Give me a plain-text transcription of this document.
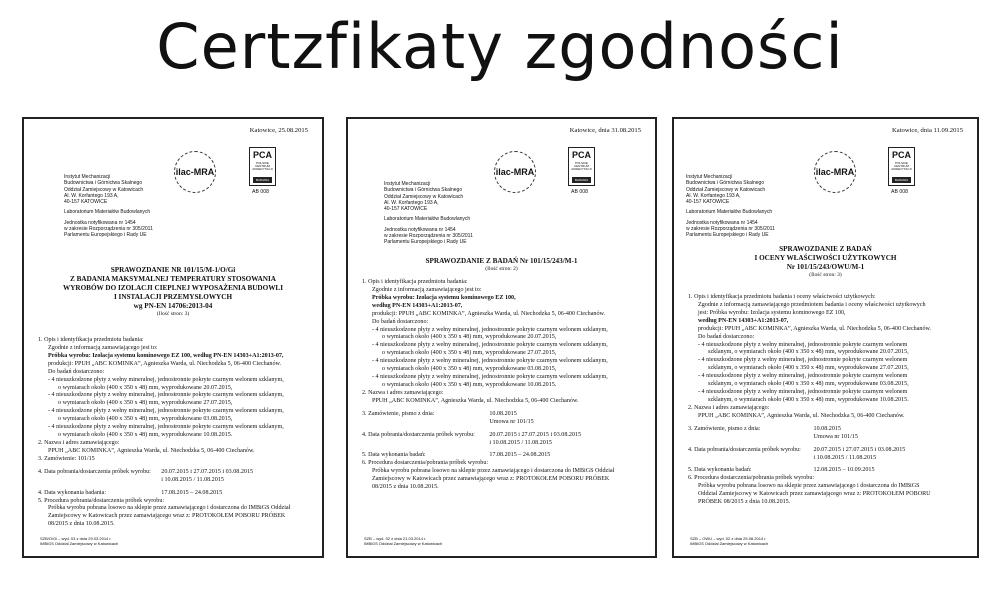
Certzfikaty zgodności
Katowice, 25.08.2015
ilac-MRA
PCA
POLSKIE CENTRUM AKREDYTACJI
BADANIA
AB 008

Instytut Mechanizacji

Budownictwa i Górnictwa Skalnego

Oddział Zamiejscowy w Katowicach

Al. W. Korfantego 193 A,

40-157 KATOWICE

Laboratorium Materiałów Budowlanych

Jednostka notyfikowana nr 1454

w zakresie Rozporządzenia nr 305/2011

Parlamentu Europejskiego i Rady UE

SPRAWOZDANIE NR 101/15/M-1/O/Gi
Z BADANIA MAKSYMALNEJ TEMPERATURY STOSOWANIA
WYROBÓW DO IZOLACJI CIEPLNEJ WYPOSAŻENIA BUDOWLI
I INSTALACJI PRZEMYSŁOWYCH
wg PN-EN 14706:2013-04
(Ilość stron: 3)

1. Opis i identyfikacja przedmiotu badania:

Zgodnie z informacją zamawiającego jest to:

Próbka wyrobu: Izolacja systemu kominowego EZ 100, według PN-EN 14303+A1:2013-07,

produkcji: PPUH „ABC KOMINKA”, Agnieszka Warda, ul. Niechodzka 5, 06-400 Ciechanów.

Do badań dostarczono:

- 4 nieuszkodzone płyty z wełny mineralnej, jednostronnie pokryte czarnym welonem szklanym,

o wymiarach około (400 x 350 x 48) mm, wyprodukowane 20.07.2015,

- 4 nieuszkodzone płyty z wełny mineralnej, jednostronnie pokryte czarnym welonem szklanym,

o wymiarach około (400 x 350 x 48) mm, wyprodukowane 27.07.2015,

- 4 nieuszkodzone płyty z wełny mineralnej, jednostronnie pokryte czarnym welonem szklanym,

o wymiarach około (400 x 350 x 48) mm, wyprodukowane 03.08.2015,

- 4 nieuszkodzone płyty z wełny mineralnej, jednostronnie pokryte czarnym welonem szklanym,

o wymiarach około (400 x 350 x 48) mm, wyprodukowane 10.08.2015.

2. Nazwa i adres zamawiającego:

PPUH „ABC KOMINKA”, Agnieszka Warda, ul. Niechodzka 5, 06-400 Ciechanów.

3. Zamówienie: 101/15

4. Data pobrania/dostarczenia próbek wyrobu:	20.07.2015 i 27.07.2015 i 03.08.2015
i 10.08.2015 / 11.08.2015
4. Data wykonania badania:	17.08.2015 – 24.08.2015

5. Procedura pobrania/dostarczenia próbek wyrobu:

Próbka wyrobu pobrana losowo na sklepie przez zamawiającego i dostarczona do IMBiGS Oddział

Zamiejscowy w Katowicach przez zamawiającego wraz z: PROTOKOŁEM POBORU PRÓBEK

08/2015 z dnia 10.08.2015.

SZB/O/Gi – wyd. 03 z dnia 29.03.2014 r.

IMBiGS Oddział Zamiejscowy w Katowicach

Katowice, dnia 31.08.2015
ilac-MRA
PCA
POLSKIE CENTRUM AKREDYTACJI
BADANIA
AB 008

Instytut Mechanizacji

Budownictwa i Górnictwa Skalnego

Oddział Zamiejscowy w Katowicach

Al. W. Korfantego 193 A,

40-157 KATOWICE

Laboratorium Materiałów Budowlanych

Jednostka notyfikowana nr 1454

w zakresie Rozporządzenia nr 305/2011

Parlamentu Europejskiego i Rady UE

SPRAWOZDANIE Z BADAŃ Nr 101/15/243/M-1
(Ilość stron: 2)

1. Opis i identyfikacja przedmiotu badania:

Zgodnie z informacją zamawiającego jest to:

Próbka wyrobu: Izolacja systemu kominowego EZ 100,

według PN-EN 14303+A1:2013-07,

produkcji: PPUH „ABC KOMINKA”, Agnieszka Warda, ul. Niechodzka 5, 06-400 Ciechanów.

Do badań dostarczono:

- 4 nieuszkodzone płyty z wełny mineralnej, jednostronnie pokryte czarnym welonem szklanym,

o wymiarach około (400 x 350 x 48) mm, wyprodukowane 20.07.2015,

- 4 nieuszkodzone płyty z wełny mineralnej, jednostronnie pokryte czarnym welonem szklanym,

o wymiarach około (400 x 350 x 48) mm, wyprodukowane 27.07.2015,

- 4 nieuszkodzone płyty z wełny mineralnej, jednostronnie pokryte czarnym welonem szklanym,

o wymiarach około (400 x 350 x 48) mm, wyprodukowane 03.08.2015,

- 4 nieuszkodzone płyty z wełny mineralnej, jednostronnie pokryte czarnym welonem szklanym,

o wymiarach około (400 x 350 x 48) mm, wyprodukowane 10.08.2015.

2. Nazwa i adres zamawiającego:

PPUH „ABC KOMINKA”, Agnieszka Warda, ul. Niechodzka 5, 06-400 Ciechanów.

3. Zamówienie, pismo z dnia:	10.08.2015
Umowa nr 101/15
4. Data pobrania/dostarczenia próbek wyrobu:	20.07.2015 i 27.07.2015 i 03.08.2015
i 10.08.2015 / 11.08.2015
5. Data wykonania badań:	17.08.2015 – 24.08.2015

6. Procedura dostarczenia/pobrania próbek wyrobu:

Próbka wyrobu pobrana losowo na sklepie przez zamawiającego i dostarczona do IMBiGS Oddział

Zamiejscowy w Katowicach przez zamawiającego wraz z: PROTOKOŁEM POBORU PRÓBEK

08/2015 z dnia 10.08.2015.

SZB – wyd. 02 z dnia 21.03.2014 r.

IMBiGS Oddział Zamiejscowy w Katowicach

Katowice, dnia 11.09.2015
ilac-MRA
PCA
POLSKIE CENTRUM AKREDYTACJI
BADANIA
AB 008

Instytut Mechanizacji

Budownictwa i Górnictwa Skalnego

Oddział Zamiejscowy w Katowicach

Al. W. Korfantego 193 A,

40-157 KATOWICE

Laboratorium Materiałów Budowlanych

Jednostka notyfikowana nr 1454

w zakresie Rozporządzenia nr 305/2011

Parlamentu Europejskiego i Rady UE

SPRAWOZDANIE Z BADAŃ
I OCENY WŁAŚCIWOŚCI UŻYTKOWYCH
Nr 101/15/243/OWU/M-1
(Ilość stron: 3)

1. Opis i identyfikacja przedmiotu badania i oceny właściwości użytkowych:

Zgodnie z informacją zamawiającego przedmiotem badania i oceny właściwości użytkowych

jest: Próbka wyrobu: Izolacja systemu kominowego EZ 100,

według PN-EN 14303+A1:2013-07,

produkcji: PPUH „ABC KOMINKA”, Agnieszka Warda, ul. Niechodzka 5, 06-400 Ciechanów.

Do badań dostarczono:

- 4 nieuszkodzone płyty z wełny mineralnej, jednostronnie pokryte czarnym welonem

szklanym, o wymiarach około (400 x 350 x 48) mm, wyprodukowane 20.07.2015,

- 4 nieuszkodzone płyty z wełny mineralnej, jednostronnie pokryte czarnym welonem

szklanym, o wymiarach około (400 x 350 x 48) mm, wyprodukowane 27.07.2015,

- 4 nieuszkodzone płyty z wełny mineralnej, jednostronnie pokryte czarnym welonem

szklanym, o wymiarach około (400 x 350 x 48) mm, wyprodukowane 03.08.2015,

- 4 nieuszkodzone płyty z wełny mineralnej, jednostronnie pokryte czarnym welonem

szklanym, o wymiarach około (400 x 350 x 48) mm, wyprodukowane 10.08.2015.

2. Nazwa i adres zamawiającego:

PPUH „ABC KOMINKA”, Agnieszka Warda, ul. Niechodzka 5, 06-400 Ciechanów.

3. Zamówienie, pismo z dnia:	10.08.2015
Umowa nr 101/15
4. Data pobrania/dostarczenia próbek wyrobu:	20.07.2015 i 27.07.2015 i 03.08.2015
i 10.08.2015 / 11.08.2015
5. Data wykonania badań:	12.08.2015 – 10.09.2015

6. Procedura dostarczenia/pobrania próbek wyrobu:

Próbka wyrobu pobrana losowo na sklepie przez zamawiającego i dostarczona do IMBiGS

Oddział Zamiejscowy w Katowicach przez zamawiającego wraz z: PROTOKOŁEM POBORU

PRÓBEK 08/2015 z dnia 10.08.2015.

SZB – OWU – wyd. 02 z dnia 25.08.2014 r.

IMBiGS Oddział Zamiejscowy w Katowicach
